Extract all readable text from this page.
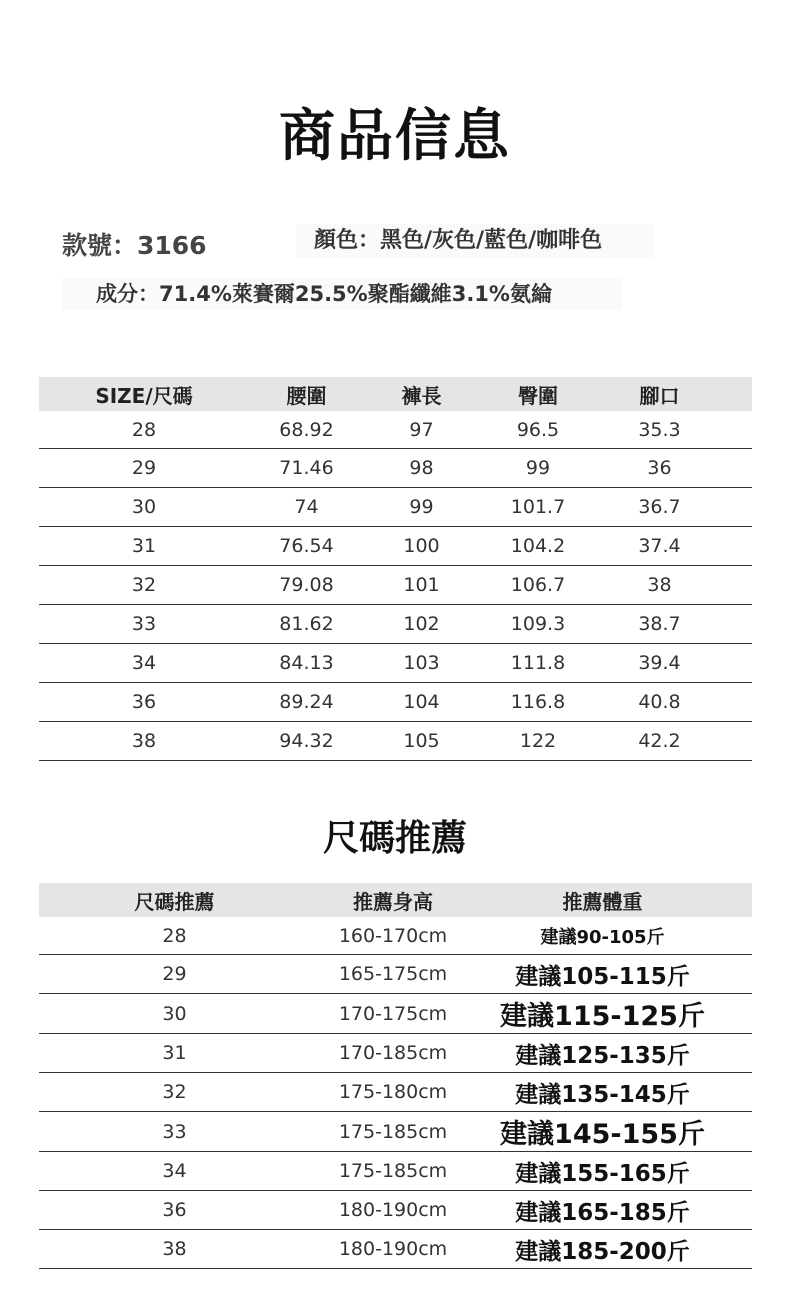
商品信息
款號：3166	顏色：黑色/灰色/藍色/咖啡色
成分：71.4%萊賽爾25.5%聚酯纖維3.1%氨綸
SIZE/尺碼	腰圍	褲長	臀圍	腳口	
28	68.92	97	96.5	35.3	
29	71.46	98	99	36	
30	74	99	101.7	36.7	
31	76.54	100	104.2	37.4	
32	79.08	101	106.7	38	
33	81.62	102	109.3	38.7	
34	84.13	103	111.8	39.4	
36	89.24	104	116.8	40.8	
38	94.32	105	122	42.2	
尺碼推薦
尺碼推薦	推薦身高	推薦體重	
28	160-170cm	建議90-105斤	
29	165-175cm	建議105-115斤	
30	170-175cm	建議115-125斤	
31	170-185cm	建議125-135斤	
32	175-180cm	建議135-145斤	
33	175-185cm	建議145-155斤	
34	175-185cm	建議155-165斤	
36	180-190cm	建議165-185斤	
38	180-190cm	建議185-200斤	
